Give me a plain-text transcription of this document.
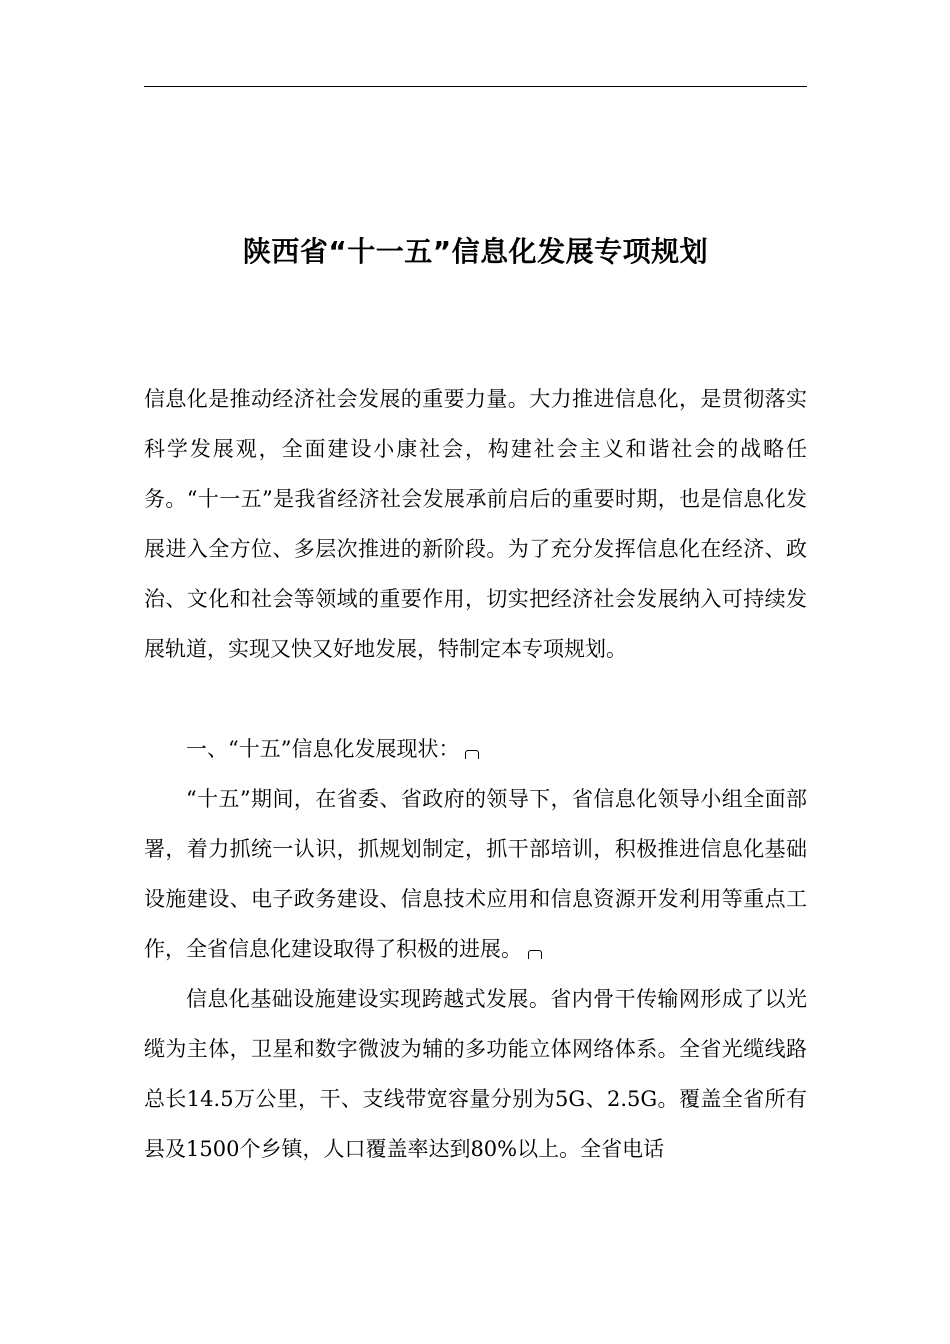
陕西省“十一五”信息化发展专项规划

信息化是推动经济社会发展的重要力量。大力推进信息化，是贯彻落实科学发展观，全面建设小康社会，构建社会主义和谐社会的战略任务。“十一五”是我省经济社会发展承前启后的重要时期，也是信息化发展进入全方位、多层次推进的新阶段。为了充分发挥信息化在经济、政治、文化和社会等领域的重要作用，切实把经济社会发展纳入可持续发展轨道，实现又快又好地发展，特制定本专项规划。

一、“十五”信息化发展现状：

“十五”期间，在省委、省政府的领导下，省信息化领导小组全面部署，着力抓统一认识，抓规划制定，抓干部培训，积极推进信息化基础设施建设、电子政务建设、信息技术应用和信息资源开发利用等重点工作，全省信息化建设取得了积极的进展。

信息化基础设施建设实现跨越式发展。省内骨干传输网形成了以光缆为主体，卫星和数字微波为辅的多功能立体网络体系。全省光缆线路总长14.5万公里，干、支线带宽容量分别为5G、2.5G。覆盖全省所有县及1500个乡镇，人口覆盖率达到80%以上。全省电话
